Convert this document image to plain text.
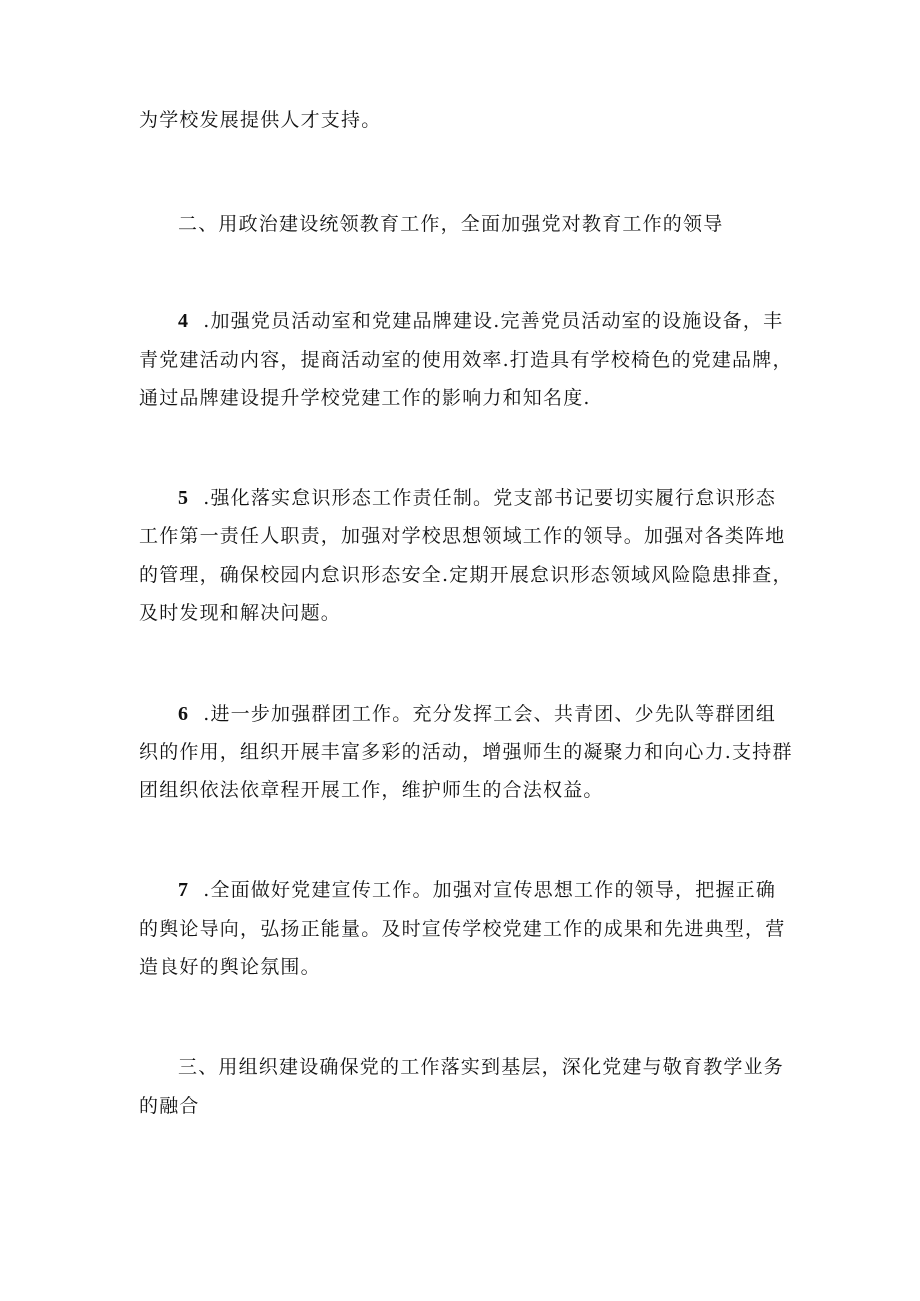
为学校发展提供人才支持。
二、用政治建设统领教育工作，全面加强党对教育工作的领导
4 .加强党员活动室和党建品牌建设.完善党员活动室的设施设备，丰
青党建活动内容，提商活动室的使用效率.打造具有学校椅色的党建品牌，
通过品牌建设提升学校党建工作的影响力和知名度.
5 .强化落实怠识形态工作责任制。党支部书记要切实履行怠识形态
工作第一责任人职责，加强对学校思想领域工作的领导。加强对各类阵地
的管理，确保校园内怠识形态安全.定期开展怠识形态领域风险隐患排查，
及时发现和解决问题。
6 .进一步加强群团工作。充分发挥工会、共青团、少先队等群团组
织的作用，组织开展丰富多彩的活动，增强师生的凝聚力和向心力.支持群
团组织依法依章程开展工作，维护师生的合法权益。
7 .全面做好党建宣传工作。加强对宣传思想工作的领导，把握正确
的舆论导向，弘扬正能量。及时宣传学校党建工作的成果和先进典型，营
造良好的舆论氛围。
三、用组织建设确保党的工作落实到基层，深化党建与敬育教学业务
的融合
